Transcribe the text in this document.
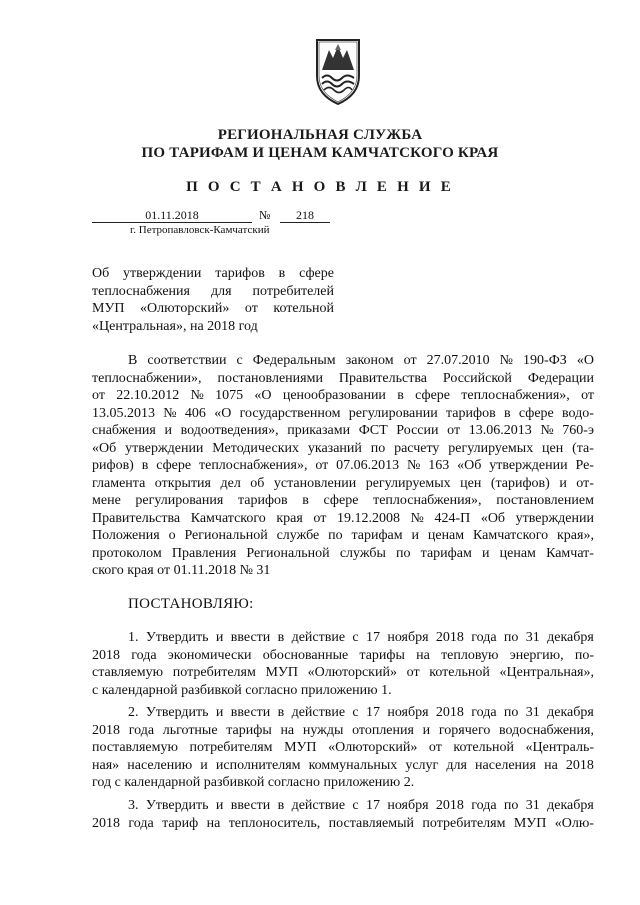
РЕГИОНАЛЬНАЯ СЛУЖБА
ПО ТАРИФАМ И ЦЕНАМ КАМЧАТСКОГО КРАЯ
П О С Т А Н О В Л Е Н И Е
01.11.2018	№	218
г. Петропавловск-Камчатский
Об утверждении тарифов в сфере
теплоснабжения для потребителей
МУП «Олюторский» от котельной
«Центральная», на 2018 год
В соответствии с Федеральным законом от 27.07.2010 № 190-ФЗ «О
теплоснабжении», постановлениями Правительства Российской Федерации
от 22.10.2012 № 1075 «О ценообразовании в сфере теплоснабжения», от
13.05.2013 № 406 «О государственном регулировании тарифов в сфере водо-
снабжения и водоотведения», приказами ФСТ России от 13.06.2013 № 760-э
«Об утверждении Методических указаний по расчету регулируемых цен (та-
рифов) в сфере теплоснабжения», от 07.06.2013 № 163 «Об утверждении Ре-
гламента открытия дел об установлении регулируемых цен (тарифов) и от-
мене регулирования тарифов в сфере теплоснабжения», постановлением
Правительства Камчатского края от 19.12.2008 № 424-П «Об утверждении
Положения о Региональной службе по тарифам и ценам Камчатского края»,
протоколом Правления Региональной службы по тарифам и ценам Камчат-
ского края от 01.11.2018 № 31
ПОСТАНОВЛЯЮ:
1. Утвердить и ввести в действие с 17 ноября 2018 года по 31 декабря
2018 года экономически обоснованные тарифы на тепловую энергию, по-
ставляемую потребителям МУП «Олюторский» от котельной «Центральная»,
с календарной разбивкой согласно приложению 1.
2. Утвердить и ввести в действие с 17 ноября 2018 года по 31 декабря
2018 года льготные тарифы на нужды отопления и горячего водоснабжения,
поставляемую потребителям МУП «Олюторский» от котельной «Централь-
ная» населению и исполнителям коммунальных услуг для населения на 2018
год с календарной разбивкой согласно приложению 2.
3. Утвердить и ввести в действие с 17 ноября 2018 года по 31 декабря
2018 года тариф на теплоноситель, поставляемый потребителям МУП «Олю-
